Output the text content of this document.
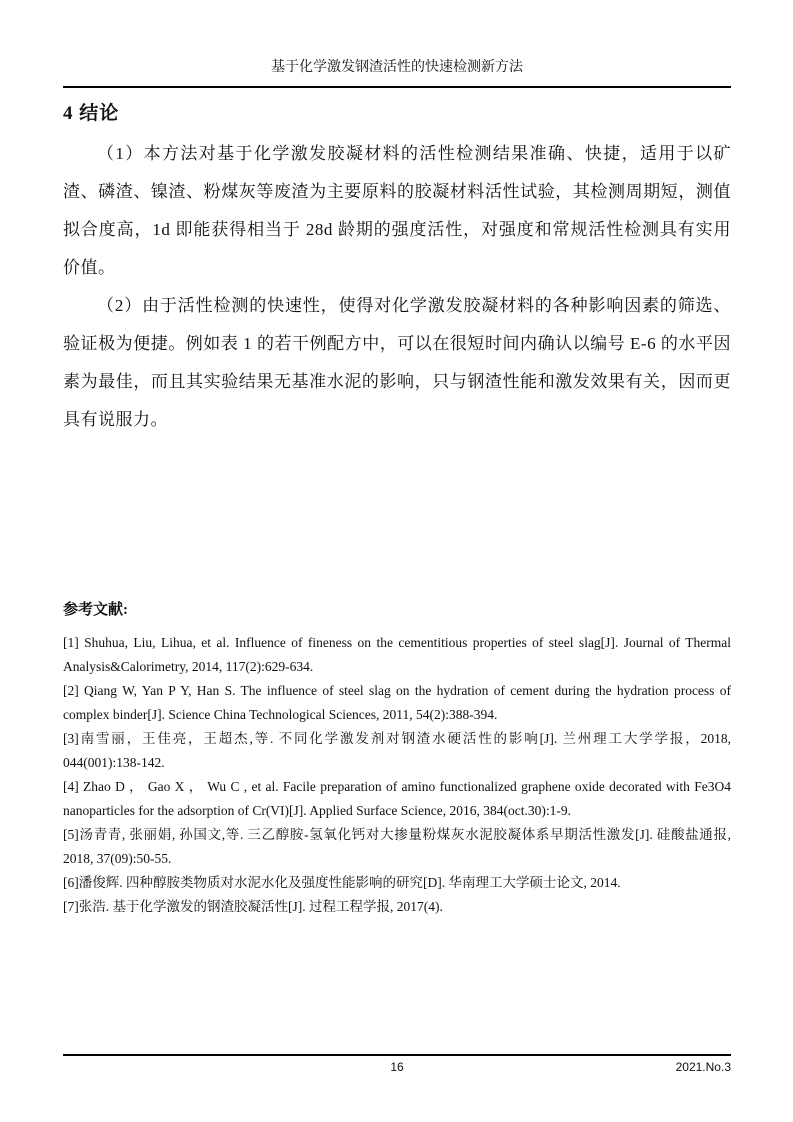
基于化学激发钢渣活性的快速检测新方法
4 结论

（1）本方法对基于化学激发胶凝材料的活性检测结果准确、快捷，适用于以矿渣、磷渣、镍渣、粉煤灰等废渣为主要原料的胶凝材料活性试验，其检测周期短，测值拟合度高，1d 即能获得相当于 28d 龄期的强度活性，对强度和常规活性检测具有实用价值。

（2）由于活性检测的快速性，使得对化学激发胶凝材料的各种影响因素的筛选、验证极为便捷。例如表 1 的若干例配方中，可以在很短时间内确认以编号 E-6 的水平因素为最佳，而且其实验结果无基准水泥的影响，只与钢渣性能和激发效果有关，因而更具有说服力。

参考文献:

[1] Shuhua, Liu, Lihua, et al. Influence of fineness on the cementitious properties of steel slag[J]. Journal of Thermal Analysis&Calorimetry, 2014, 117(2):629-634.

[2] Qiang W, Yan P Y, Han S. The influence of steel slag on the hydration of cement during the hydration process of complex binder[J]. Science China Technological Sciences, 2011, 54(2):388-394.

[3]南雪丽，王佳亮，王超杰,等. 不同化学激发剂对钢渣水硬活性的影响[J]. 兰州理工大学学报，2018, 044(001):138-142.

[4] Zhao D ， Gao X ， Wu C , et al. Facile preparation of amino functionalized graphene oxide decorated with Fe3O4 nanoparticles for the adsorption of Cr(VI)[J]. Applied Surface Science, 2016, 384(oct.30):1-9.

[5]汤青青, 张丽娟, 孙国文,等. 三乙醇胺-氢氧化钙对大掺量粉煤灰水泥胶凝体系早期活性激发[J]. 硅酸盐通报, 2018, 37(09):50-55.

[6]潘俊辉. 四种醇胺类物质对水泥水化及强度性能影响的研究[D]. 华南理工大学硕士论文, 2014.

[7]张浩. 基于化学激发的钢渣胶凝活性[J]. 过程工程学报, 2017(4).

16	2021.No.3
